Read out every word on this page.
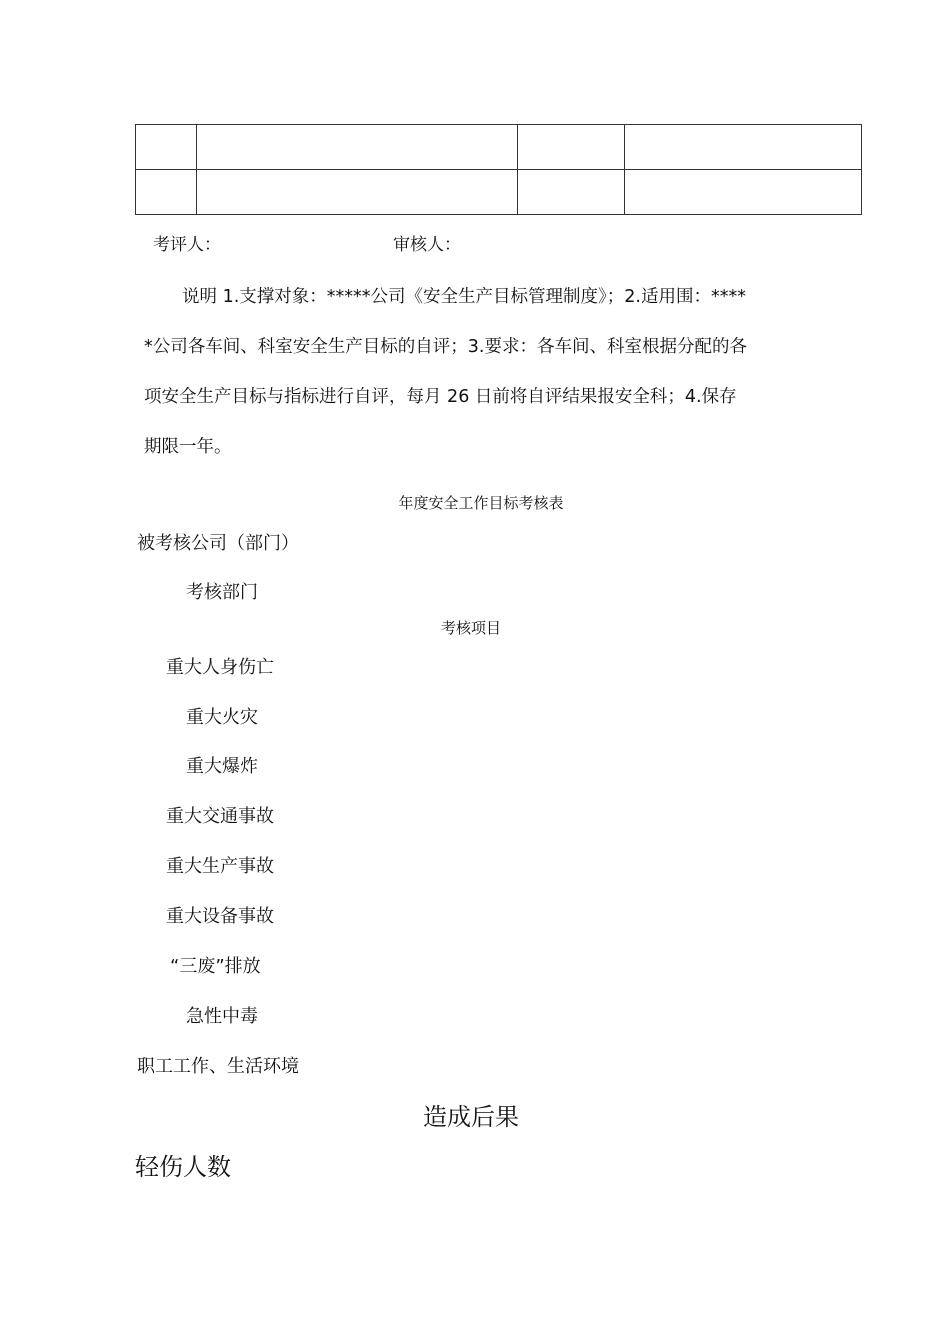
考评人：	审核人：
说明 1.支撑对象：*****公司《安全生产目标管理制度》；2.适用围：****
*公司各车间、科室安全生产目标的自评；3.要求：各车间、科室根据分配的各
项安全生产目标与指标进行自评，每月 26 日前将自评结果报安全科；4.保存
期限一年。
年度安全工作目标考核表
被考核公司（部门）
考核部门
考核项目
重大人身伤亡
重大火灾
重大爆炸
重大交通事故
重大生产事故
重大设备事故
“三废”排放
急性中毒
职工工作、生活环境
造成后果
轻伤人数
